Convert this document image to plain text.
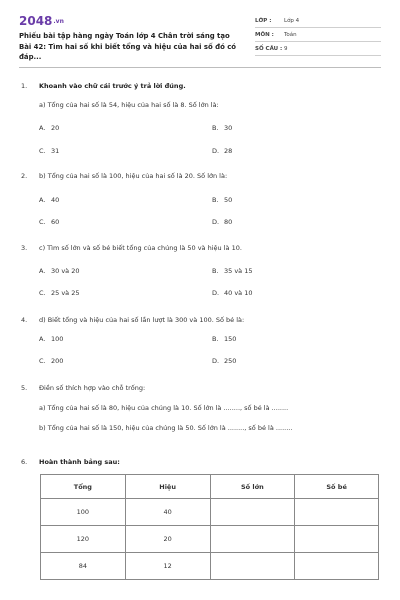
2048.vn
Phiếu bài tập hàng ngày Toán lớp 4 Chân trời sáng tạo Bài 42: Tìm hai số khi biết tổng và hiệu của hai số đó có đáp...
LỚP : Lớp 4
MÔN : Toán
SỐ CÂU : 9
1. Khoanh vào chữ cái trước ý trả lời đúng.
a) Tổng của hai số là 54, hiệu của hai số là 8. Số lớn là:
A. 20	B. 30
C. 31	D. 28
2. b) Tổng của hai số là 100, hiệu của hai số là 20. Số lớn là:
A. 40	B. 50
C. 60	D. 80
3. c) Tìm số lớn và số bé biết tổng của chúng là 50 và hiệu là 10.
A. 30 và 20	B. 35 và 15
C. 25 và 25	D. 40 và 10
4. d) Biết tổng và hiệu của hai số lần lượt là 300 và 100. Số bé là:
A. 100	B. 150
C. 200	D. 250
5. Điền số thích hợp vào chỗ trống:
a) Tổng của hai số là 80, hiệu của chúng là 10. Số lớn là ........, số bé là ........
b) Tổng của hai số là 150, hiệu của chúng là 50. Số lớn là ........, số bé là ........
6. Hoàn thành bảng sau:
Tổng	Hiệu	Số lớn	Số bé
100	40		
120	20		
84	12		
